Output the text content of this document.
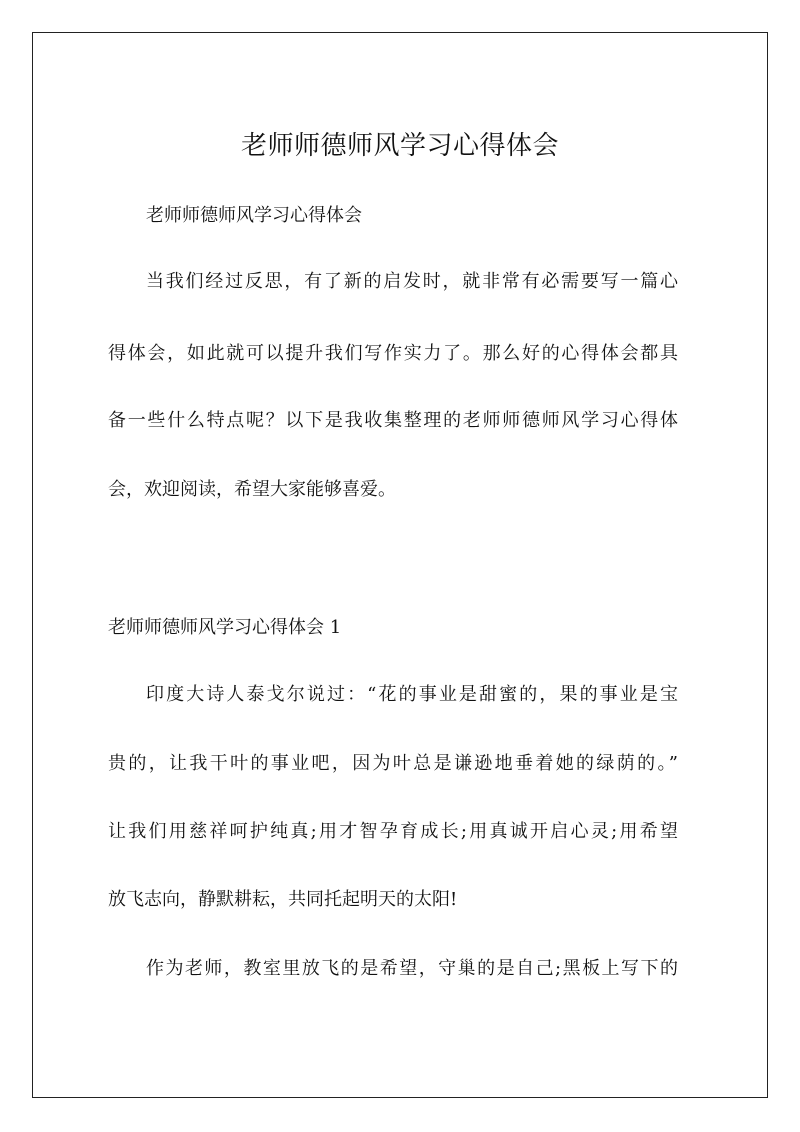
老师师德师风学习心得体会
老师师德师风学习心得体会
当我们经过反思，有了新的启发时，就非常有必需要写一篇心
得体会，如此就可以提升我们写作实力了。那么好的心得体会都具
备一些什么特点呢？以下是我收集整理的老师师德师风学习心得体
会，欢迎阅读，希望大家能够喜爱。
老师师德师风学习心得体会 1
印度大诗人泰戈尔说过：“花的事业是甜蜜的，果的事业是宝
贵的，让我干叶的事业吧，因为叶总是谦逊地垂着她的绿荫的。”
让我们用慈祥呵护纯真;用才智孕育成长;用真诚开启心灵;用希望
放飞志向，静默耕耘，共同托起明天的太阳!
作为老师，教室里放飞的是希望，守巢的是自己;黑板上写下的
